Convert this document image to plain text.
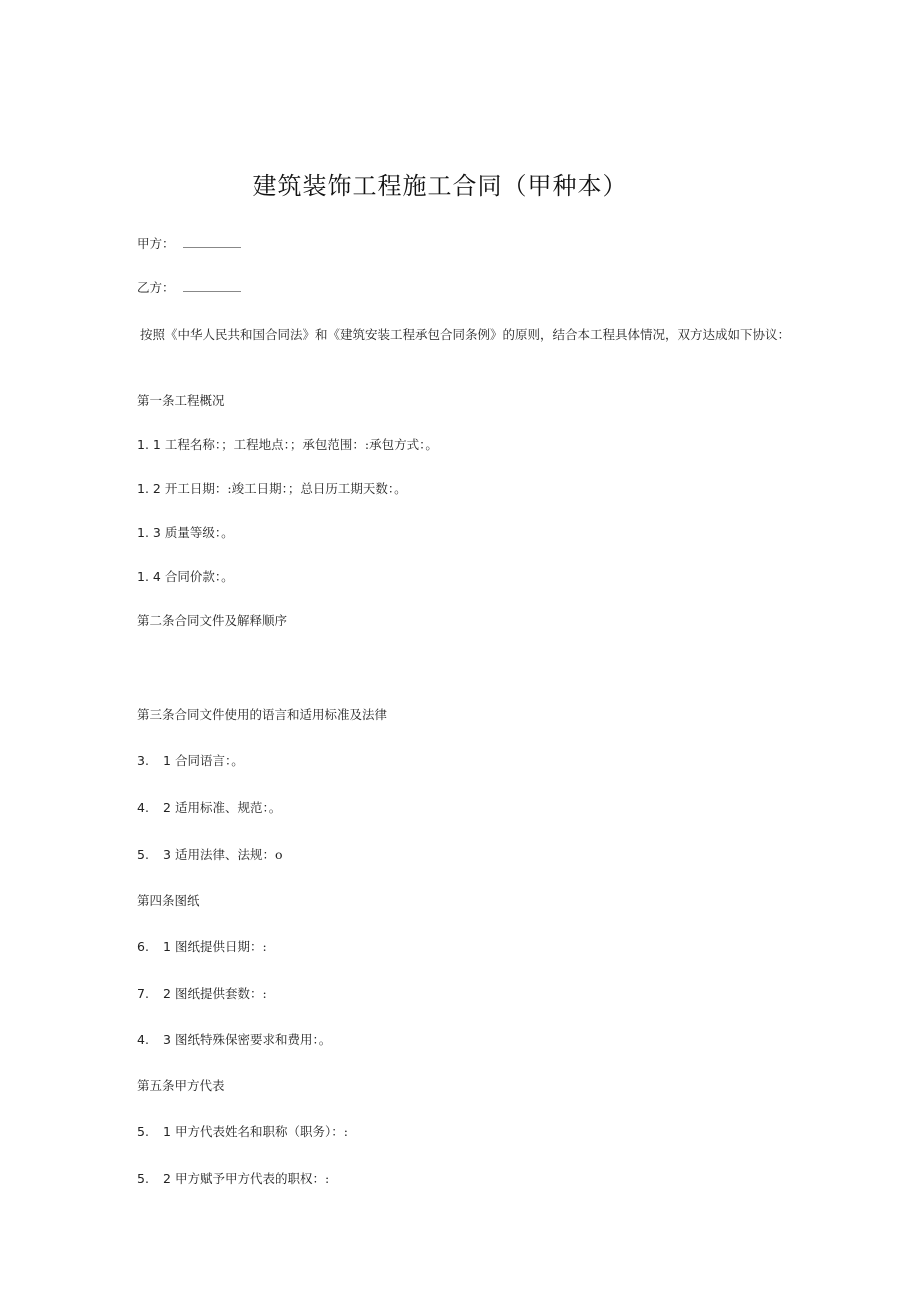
建筑装饰工程施工合同（甲种本）
甲方：
乙方：
按照《中华人民共和国合同法》和《建筑安装工程承包合同条例》的原则，结合本工程具体情况，双方达成如下协议：
第一条工程概况
1. 1 工程名称：；工程地点：；承包范围：:承包方式：。
1. 2 开工日期：:竣工日期：；总日历工期天数：。
1. 3 质量等级：。
1. 4 合同价款：。
第二条合同文件及解释顺序
第三条合同文件使用的语言和适用标准及法律
3. 1 合同语言：。
4. 2 适用标准、规范：。
5. 3 适用法律、法规：o
第四条图纸
6. 1 图纸提供日期：:
7. 2 图纸提供套数：:
4. 3 图纸特殊保密要求和费用：。
第五条甲方代表
5. 1 甲方代表姓名和职称（职务）：:
5. 2 甲方赋予甲方代表的职权：:
